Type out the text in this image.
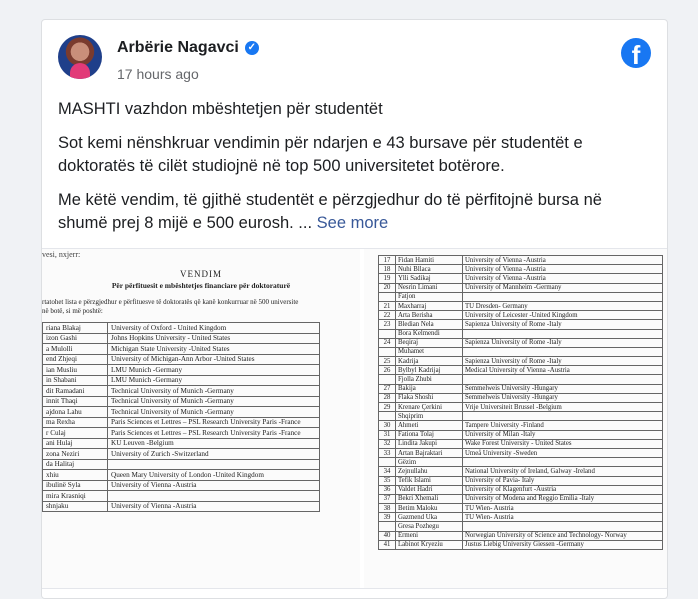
Arbërie Nagavci ✓
17 hours ago
f

MASHTI vazhdon mbështetjen për studentët

Sot kemi nënshkruar vendimin për ndarjen e 43 bursave për studentët e doktoratës të cilët studiojnë në top 500 universitetet botërore.

Me këtë vendim, të gjithë studentët e përzgjedhur do të përfitojnë bursa në shumë prej 8 mijë e 500 eurosh. ... See more

vesi, nxjerr:
VENDIM
Për përfituesit e mbështetjes financiare për doktoraturë
rtatohet lista e përzgjedhur e përfituesve të doktoratës që kanë konkurruar në 500 universite
në botë, si më poshtë:
riana Blakaj	University of Oxford - United Kingdom
izon Gashi	Johns Hopkins University - United States
a Mulolli	Michigan State University -United States
end Zhjeqi	University of Michigan-Ann Arbor -United States
ian Musliu	LMU Munich -Germany
in Shabani	LMU Munich -Germany
dit Ramadani	Technical University of Munich -Germany
innit Thaqi	Technical University of Munich -Germany
ajdona Lahu	Technical University of Munich -Germany
ma Rexha	Paris Sciences et Lettres – PSL Research University Paris -France
r Culaj	Paris Sciences et Lettres – PSL Research University Paris -France
ani Hulaj	KU Leuven -Belgium
zona Neziri	University of Zurich -Switzerland
da Halitaj	
xhiu	Queen Mary University of London -United Kingdom
ibulinë Syla	University of Vienna -Austria
mira Krasniqi	
shnjaku	University of Vienna -Austria
17	Fidan Hamiti	University of Vienna -Austria
18	Nuhi Bllaca	University of Vienna -Austria
19	Ylli Sadikaj	University of Vienna -Austria
20	Nesrin Limani	University of Mannheim -Germany
	Fatjon	
21	Maxharraj	TU Dresden- Germany
22	Arta Berisha	University of Leicester -United Kingdom
23	Bledian Nela	Sapienza University of Rome -Italy
	Bora Kelmendi	
24	Beqiraj	Sapienza University of Rome -Italy
	Muhamet	
25	Kadrija	Sapienza University of Rome -Italy
26	Bylbyl Kadrijaj	Medical University of Vienna -Austria
	Fjolla Zhubi	
27	Bakija	Semmelweis University -Hungary
28	Flaka Shoshi	Semmelweis University -Hungary
29	Krenare Çerkini	Vrije Universiteit Brussel -Belgium
	Shqiprim	
30	Ahmeti	Tampere University -Finland
31	Fationa Tolaj	University of Milan -Italy
32	Lindita Jakupi	Wake Forest University - United States
33	Artan Bajraktari	Umeå University -Sweden
	Gëzim	
34	Zejnullahu	National University of Ireland, Galway -Ireland
35	Tefik Islami	University of Pavia- Italy
36	Valdet Hadri	University of Klagenfurt -Austria
37	Bekri Xhemali	University of Modena and Reggio Emilia -Italy
38	Betim Maloku	TU Wien- Austria
39	Gazmend Uka	TU Wien- Austria
	Gresa Pozhegu	
40	Ermeni	Norwegian University of Science and Technology- Norway
41	Labinot Kryeziu	Justus Liebig University Giessen -Germany
